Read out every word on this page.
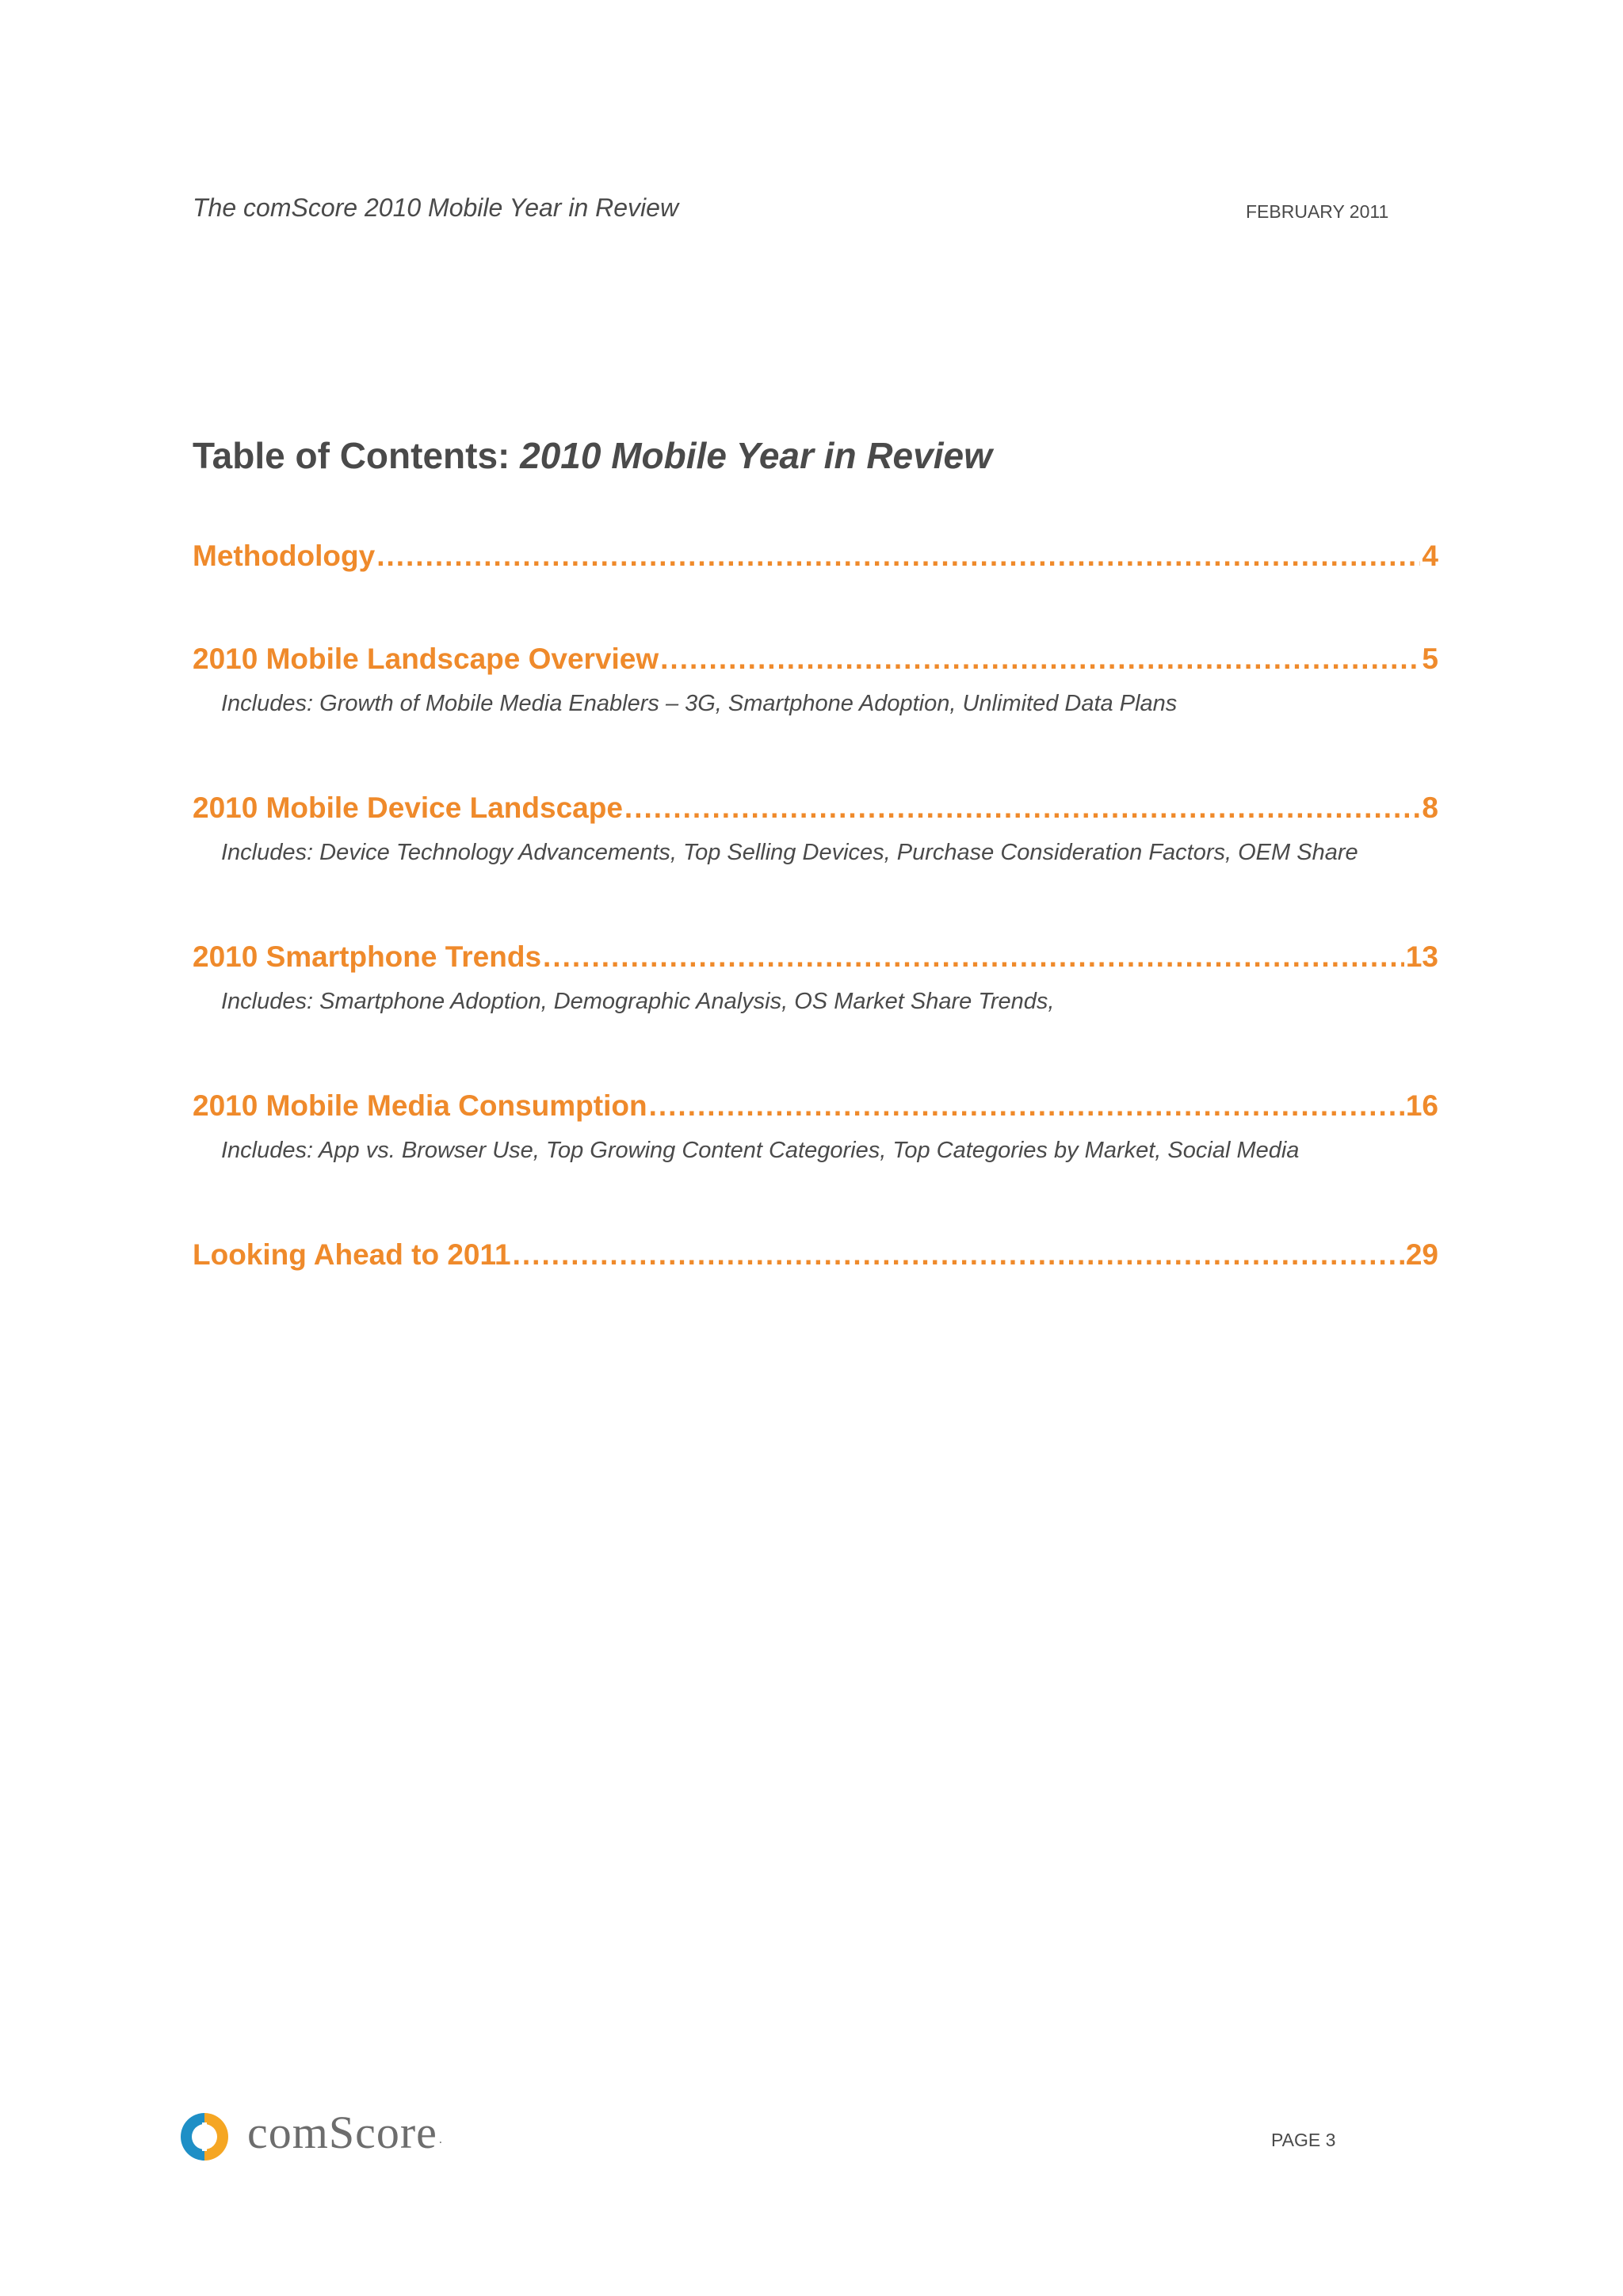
The comScore 2010 Mobile Year in Review	FEBRUARY 2011
Table of Contents: 2010 Mobile Year in Review
Methodology .....	4
2010 Mobile Landscape Overview .....	5
Includes: Growth of Mobile Media Enablers – 3G, Smartphone Adoption, Unlimited Data Plans
2010 Mobile Device Landscape .....	8
Includes: Device Technology Advancements, Top Selling Devices, Purchase Consideration Factors, OEM Share
2010 Smartphone Trends .....	13
Includes: Smartphone Adoption, Demographic Analysis, OS Market Share Trends,
2010 Mobile Media Consumption .....	16
Includes: App vs. Browser Use, Top Growing Content Categories, Top Categories by Market, Social Media
Looking Ahead to 2011 .....	29
comScore .	PAGE 3
